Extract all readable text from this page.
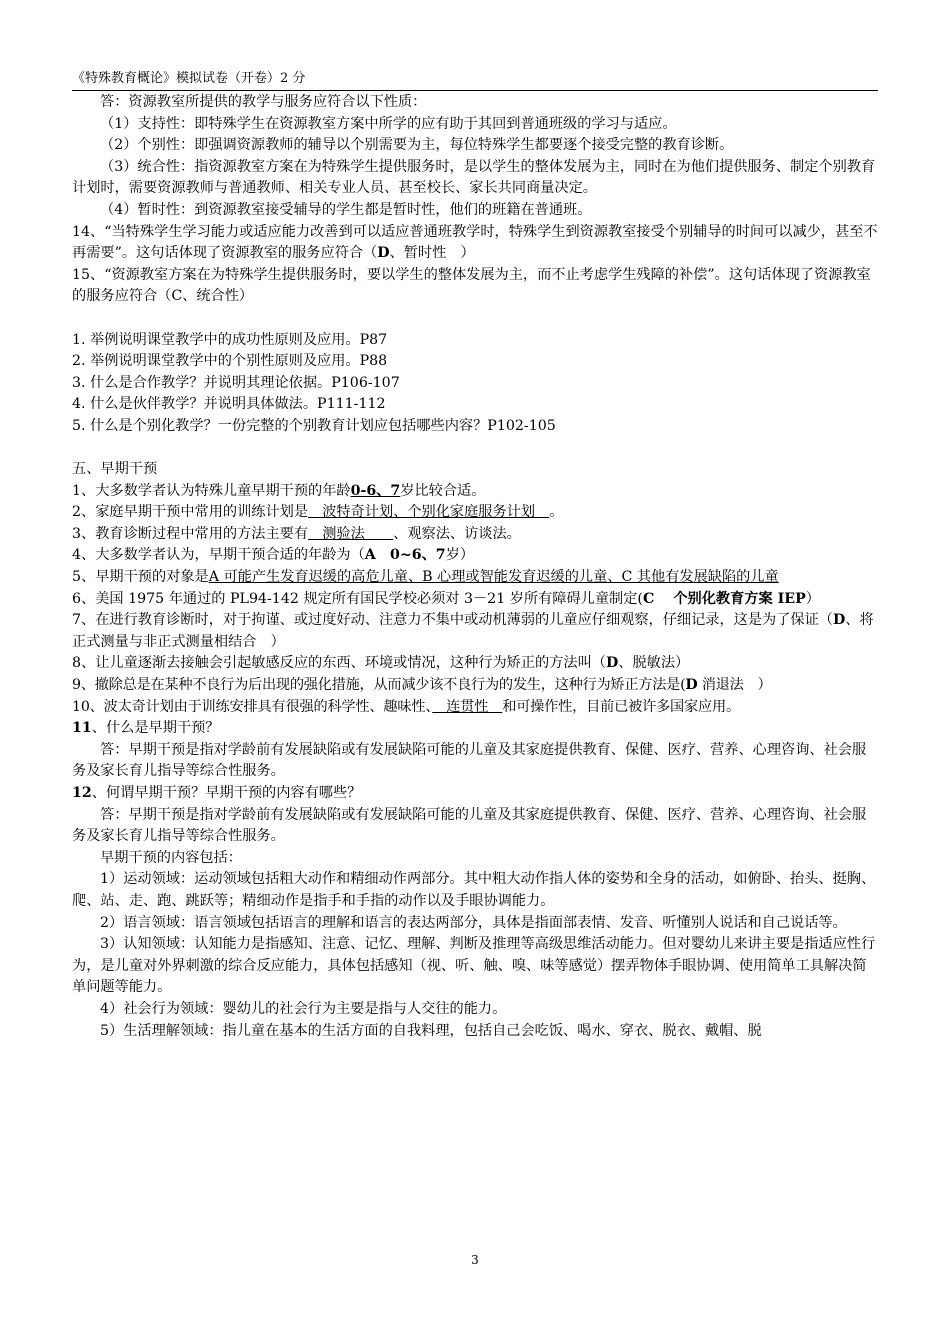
《特殊教育概论》模拟试卷（开卷）2 分

答：资源教室所提供的教学与服务应符合以下性质：

（1）支持性：即特殊学生在资源教室方案中所学的应有助于其回到普通班级的学习与适应。

（2）个别性：即强调资源教师的辅导以个别需要为主，每位特殊学生都要逐个接受完整的教育诊断。

（3）统合性：指资源教室方案在为特殊学生提供服务时，是以学生的整体发展为主，同时在为他们提供服务、制定个别教育计划时，需要资源教师与普通教师、相关专业人员、甚至校长、家长共同商量决定。

（4）暂时性：到资源教室接受辅导的学生都是暂时性，他们的班籍在普通班。

14、“当特殊学生学习能力或适应能力改善到可以适应普通班教学时，特殊学生到资源教室接受个别辅导的时间可以减少，甚至不再需要”。这句话体现了资源教室的服务应符合（D、暂时性　）

15、“资源教室方案在为特殊学生提供服务时，要以学生的整体发展为主，而不止考虑学生残障的补偿”。这句话体现了资源教室的服务应符合（C、统合性）

1. 举例说明课堂教学中的成功性原则及应用。P87

2. 举例说明课堂教学中的个别性原则及应用。P88

3. 什么是合作教学？并说明其理论依据。P106-107

4. 什么是伙伴教学？并说明具体做法。P111-112

5. 什么是个别化教学？一份完整的个别教育计划应包括哪些内容？P102-105

五、早期干预

1、大多数学者认为特殊儿童早期干预的年龄0-6、7岁比较合适。

2、家庭早期干预中常用的训练计划是　波特奇计划、个别化家庭服务计划　。

3、教育诊断过程中常用的方法主要有　测验法　　、观察法、访谈法。

4、大多数学者认为，早期干预合适的年龄为（A　0~6、7岁）

5、早期干预的对象是A 可能产生发育迟缓的高危儿童、B 心理或智能发育迟缓的儿童、C 其他有发展缺陷的儿童

6、美国 1975 年通过的 PL94-142 规定所有国民学校必须对 3－21 岁所有障碍儿童制定(C　 个别化教育方案 IEP）

7、在进行教育诊断时，对于拘谨、或过度好动、注意力不集中或动机薄弱的儿童应仔细观察，仔细记录，这是为了保证（D、将正式测量与非正式测量相结合　）

8、让儿童逐渐去接触会引起敏感反应的东西、环境或情况，这种行为矫正的方法叫（D、脱敏法）

9、撤除总是在某种不良行为后出现的强化措施，从而减少该不良行为的发生，这种行为矫正方法是(D 消退法　）

10、波太奇计划由于训练安排具有很强的科学性、趣味性、　连贯性　和可操作性，目前已被许多国家应用。

11、什么是早期干预？

答：早期干预是指对学龄前有发展缺陷或有发展缺陷可能的儿童及其家庭提供教育、保健、医疗、营养、心理咨询、社会服务及家长育儿指导等综合性服务。

12、何谓早期干预？早期干预的内容有哪些？

答：早期干预是指对学龄前有发展缺陷或有发展缺陷可能的儿童及其家庭提供教育、保健、医疗、营养、心理咨询、社会服务及家长育儿指导等综合性服务。

早期干预的内容包括：

1）运动领域：运动领域包括粗大动作和精细动作两部分。其中粗大动作指人体的姿势和全身的活动，如俯卧、抬头、挺胸、爬、站、走、跑、跳跃等；精细动作是指手和手指的动作以及手眼协调能力。

2）语言领域：语言领域包括语言的理解和语言的表达两部分，具体是指面部表情、发音、听懂别人说话和自己说话等。

3）认知领域：认知能力是指感知、注意、记忆、理解、判断及推理等高级思维活动能力。但对婴幼儿来讲主要是指适应性行为，是儿童对外界刺激的综合反应能力，具体包括感知（视、听、触、嗅、味等感觉）摆弄物体手眼协调、使用简单工具解决简单问题等能力。

4）社会行为领域：婴幼儿的社会行为主要是指与人交往的能力。

5）生活理解领域：指儿童在基本的生活方面的自我料理，包括自己会吃饭、喝水、穿衣、脱衣、戴帽、脱

3
